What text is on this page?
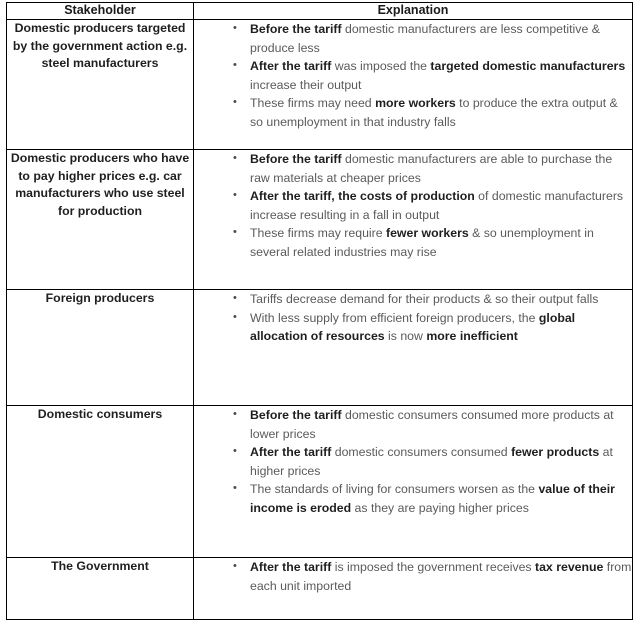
Stakeholder	Explanation
Domestic producers targeted by the government action e.g. steel manufacturers	
• Before the tariff domestic manufacturers are less competitive & produce less
• After the tariff was imposed the targeted domestic manufacturers increase their output
• These firms may need more workers to produce the extra output & so unemployment in that industry falls

Domestic producers who have to pay higher prices e.g. car manufacturers who use steel for production	
• Before the tariff domestic manufacturers are able to purchase the raw materials at cheaper prices
• After the tariff, the costs of production of domestic manufacturers increase resulting in a fall in output
• These firms may require fewer workers & so unemployment in several related industries may rise

Foreign producers	
•Tariffs decrease demand for their products & so their output falls
• With less supply from efficient foreign producers, the global allocation of resources is now more inefficient

Domestic consumers	
•Before the tariff domestic consumers consumed more products at lower prices
• After the tariff domestic consumers consumed fewer products at higher prices
• The standards of living for consumers worsen as the value of their income is eroded as they are paying higher prices

The Government	
•After the tariff is imposed the government receives tax revenue from each unit imported
